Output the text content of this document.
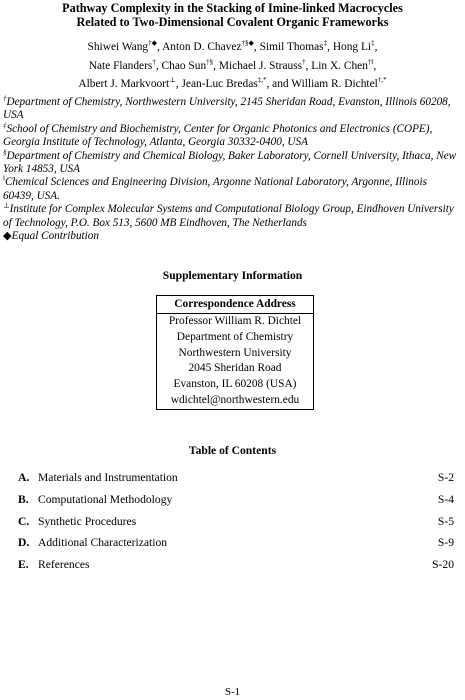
Pathway Complexity in the Stacking of Imine-linked Macrocycles
Related to Two-Dimensional Covalent Organic Frameworks
Shiwei Wang†◆, Anton D. Chavez†§◆, Simil Thomas‡, Hong Li‡,
Nate Flanders†, Chao Sun†§, Michael J. Strauss†, Lin X. Chen$^{\dagger ǁ}$,
Albert J. Markvoort⊥, Jean-Luc Bredas‡,*, and William R. Dichtel†,*
†Department of Chemistry, Northwestern University, 2145 Sheridan Road, Evanston, Illinois 60208, USA
‡School of Chemistry and Biochemistry, Center for Organic Photonics and Electronics (COPE), Georgia Institute of Technology, Atlanta, Georgia 30332-0400, USA
§Department of Chemistry and Chemical Biology, Baker Laboratory, Cornell University, Ithaca, New York 14853, USA
$^ǁ$Chemical Sciences and Engineering Division, Argonne National Laboratory, Argonne, Illinois 60439, USA.
⊥Institute for Complex Molecular Systems and Computational Biology Group, Eindhoven University of Technology, P.O. Box 513, 5600 MB Eindhoven, The Netherlands
◆Equal Contribution
Supplementary Information
Correspondence Address
Professor William R. Dichtel
Department of Chemistry
Northwestern University
2045 Sheridan Road
Evanston, IL 60208 (USA)
wdichtel@northwestern.edu
Table of Contents
A. Materials and Instrumentation	S-2
B. Computational Methodology	S-4
C. Synthetic Procedures	S-5
D. Additional Characterization	S-9
E. References	S-20
S-1
